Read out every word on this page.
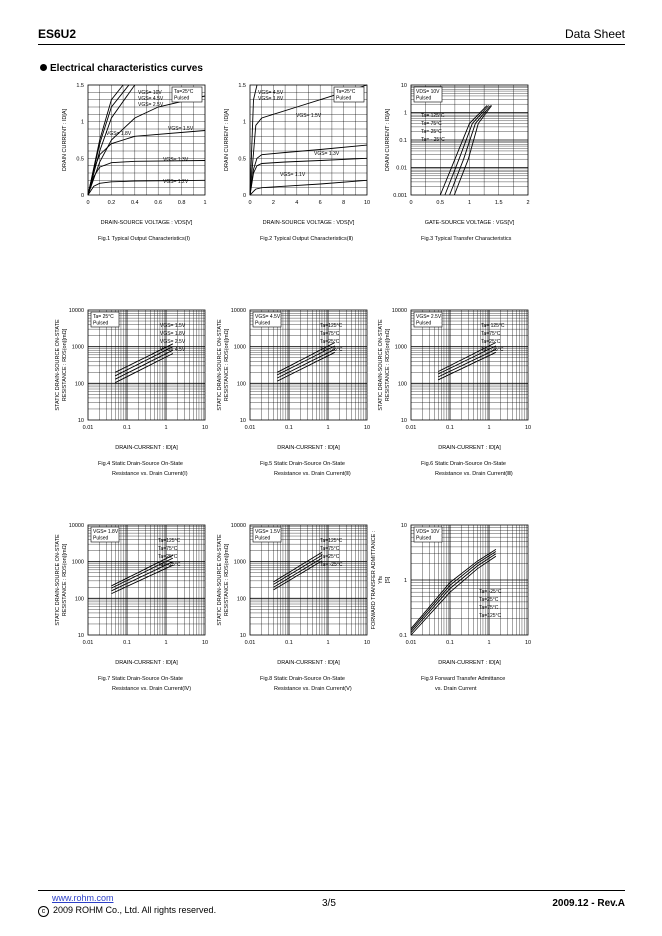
ES6U2	Data Sheet
Electrical characteristics curves
0	0.2	0.4	0.6	0.8	1
0
0.5
1
1.5
Ta=25°C
Pulsed
VGS= 10V
VGS= 4.5V
VGS= 2.5V
VGS= 1.8V
VGS= 1.5V
VGS= 1.3V
VGS= 1.2V
DRAIN-SOURCE VOLTAGE : VDS[V]
DRAIN CURRENT : ID[A]
Fig.1 Typical Output Characteristics(Ⅰ)
0	2	4	6	8	10
0
0.5
1
1.5
Ta=25°C
Pulsed
VGS= 4.5V
VGS= 1.8V
VGS= 1.5V
VGS= 1.3V
VGS= 1.1V
DRAIN-SOURCE VOLTAGE : VDS[V]
DRAIN CURRENT : ID[A]
Fig.2 Typical Output Characteristics(Ⅱ)
0	0.5	1	1.5	2
0.001
0.01
0.1
1
10
VDS= 10V
Pulsed
Ta= 125°C
Ta= 75°C
Ta= 25°C
Ta= - 25°C
GATE-SOURCE VOLTAGE : VGS[V]
DRAIN CURRENT : ID[A]
Fig.3 Typical Transfer Characteristics
0.01	0.1	1	10
10
100
1000
10000
Ta= 25°C
Pulsed	VGS= 1.5V
VGS= 1.8V
VGS= 2.5V
VGS= 4.5V
DRAIN-CURRENT : ID[A]
STATIC DRAIN-SOURCE ON-STATE RESISTANCE : RDS(on)[mΩ]
Fig.4 Static Drain-Source On-State
Resistance vs. Drain Current(Ⅰ)
0.01	0.1	1	10
10
100
1000
10000
VGS= 4.5V
Pulsed	Ta=125°C
Ta=75°C
Ta=25°C
Ta= -25°C
DRAIN-CURRENT : ID[A]
STATIC DRAIN-SOURCE ON-STATE RESISTANCE : RDS(on)[mΩ]
Fig.5 Static Drain-Source On-State
Resistance vs. Drain Current(Ⅱ)
0.01	0.1	1	10
10
100
1000
10000
VGS= 2.5V
Pulsed	Ta= 125°C
Ta=75°C
Ta=25°C
Ta= -25°C
DRAIN-CURRENT : ID[A]
STATIC DRAIN-SOURCE ON-STATE RESISTANCE : RDS(on)[mΩ]
Fig.6 Static Drain-Source On-State
Resistance vs. Drain Current(Ⅲ)
0.01	0.1	1	10
10
100
1000
10000
VGS= 1.8V
Pulsed	Ta=125°C
Ta=75°C
Ta=25°C
Ta= -25°C
DRAIN-CURRENT : ID[A]
STATIC DRAIN-SOURCE ON-STATE RESISTANCE : RDS(on)[mΩ]
Fig.7 Static Drain-Source On-State
Resistance vs. Drain Current(Ⅳ)
0.01	0.1	1	10
10
100
1000
10000
VGS= 1.5V
Pulsed	Ta=125°C
Ta=75°C
Ta=25°C
Ta= -25°C
DRAIN-CURRENT : ID[A]
STATIC DRAIN-SOURCE ON-STATE RESISTANCE : RDS(on)[mΩ]
Fig.8 Static Drain-Source On-State
Resistance vs. Drain Current(Ⅴ)
0.01	0.1	1	10
0.1
1
10
VDS= 10V
Pulsed
Ta= -25°C
Ta=25°C
Ta=75°C
Ta=125°C
DRAIN-CURRENT : ID[A]
FORWARD TRANSFER ADMITTANCE : Yfs [S]
Fig.9 Forward Transfer Admittance
vs. Drain Current
www.rohm.com
c 2009 ROHM Co., Ltd. All rights reserved.
3/5	2009.12 - Rev.A
